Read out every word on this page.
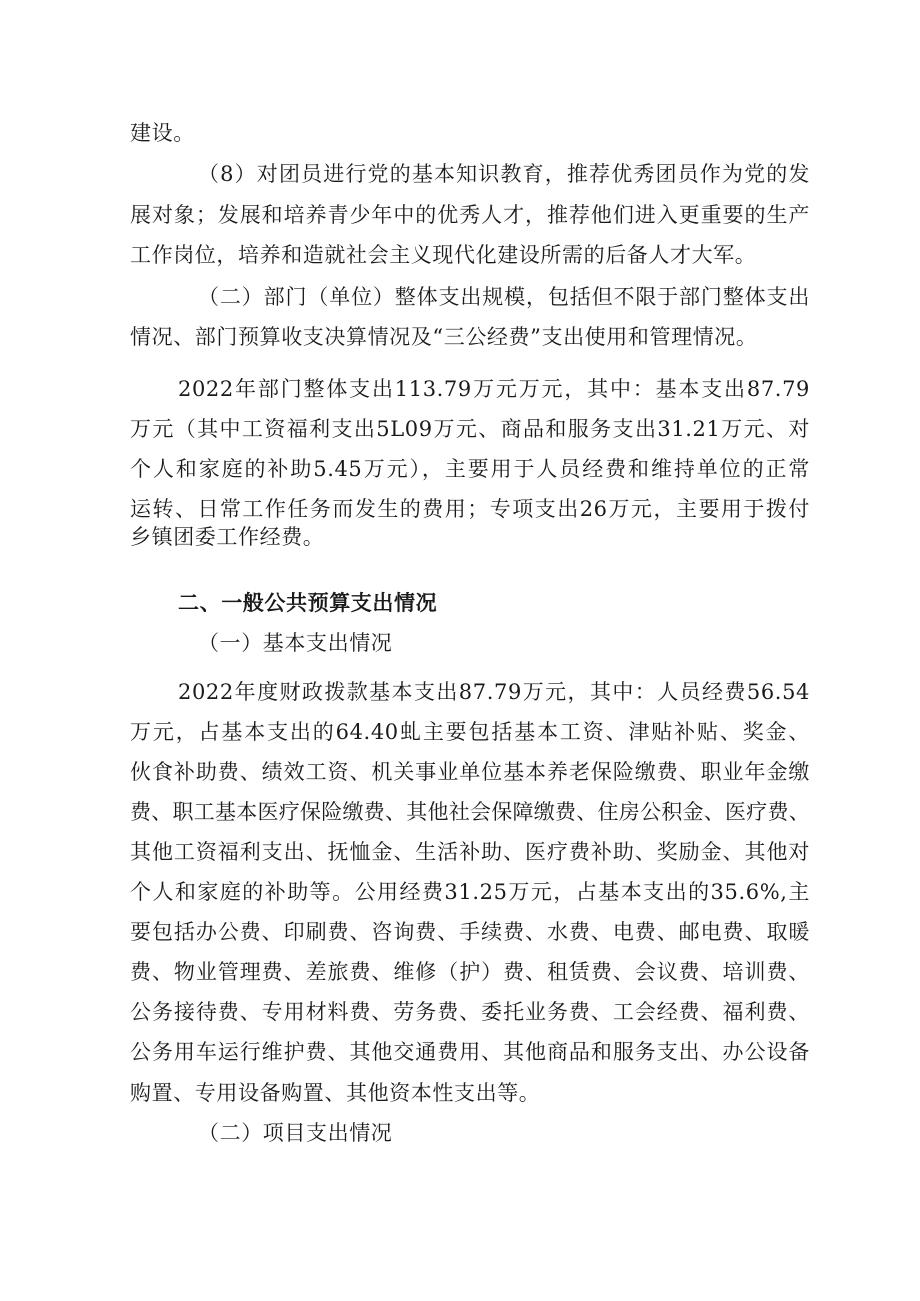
建设。
（8）对团员进行党的基本知识教育，推荐优秀团员作为党的发
展对象；发展和培养青少年中的优秀人才，推荐他们进入更重要的生产
工作岗位，培养和造就社会主义现代化建设所需的后备人才大军。
（二）部门（单位）整体支出规模，包括但不限于部门整体支出
情况、部门预算收支决算情况及“三公经费”支出使用和管理情况。
2022年部门整体支出113.79万元万元，其中：基本支出87.79
万元（其中工资福利支出5L09万元、商品和服务支出31.21万元、对
个人和家庭的补助5.45万元），主要用于人员经费和维持单位的正常
运转、日常工作任务而发生的费用；专项支出26万元，主要用于拨付
乡镇团委工作经费。
二、一般公共预算支出情况
（一）基本支出情况
2022年度财政拨款基本支出87.79万元，其中：人员经费56.54
万元，占基本支出的64.40虬主要包括基本工资、津贴补贴、奖金、
伙食补助费、绩效工资、机关事业单位基本养老保险缴费、职业年金缴
费、职工基本医疗保险缴费、其他社会保障缴费、住房公积金、医疗费、
其他工资福利支出、抚恤金、生活补助、医疗费补助、奖励金、其他对
个人和家庭的补助等。公用经费31.25万元，占基本支出的35.6%,主
要包括办公费、印刷费、咨询费、手续费、水费、电费、邮电费、取暖
费、物业管理费、差旅费、维修（护）费、租赁费、会议费、培训费、
公务接待费、专用材料费、劳务费、委托业务费、工会经费、福利费、
公务用车运行维护费、其他交通费用、其他商品和服务支出、办公设备
购置、专用设备购置、其他资本性支出等。
（二）项目支出情况
